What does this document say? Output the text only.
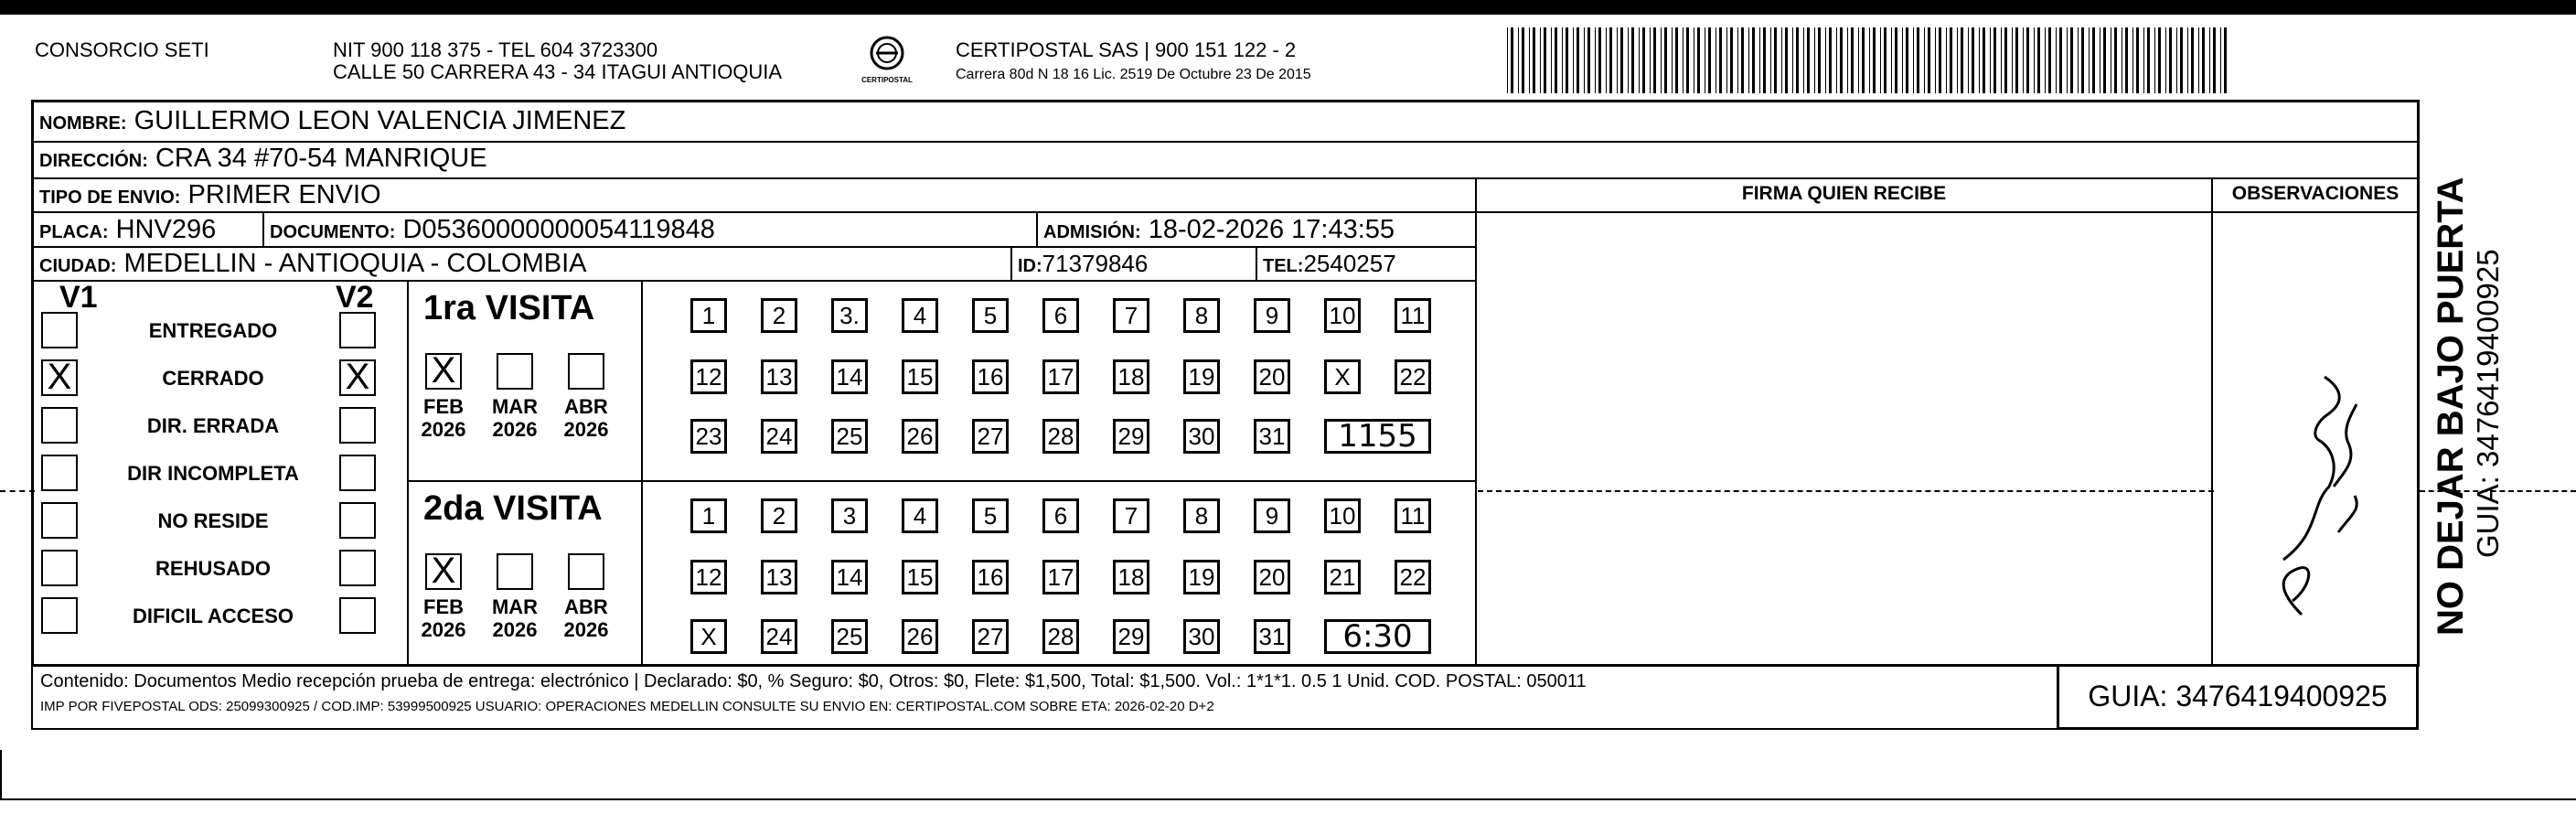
CONSORCIO SETI	NIT 900 118 375 - TEL 604 3723300
CALLE 50 CARRERA 43 - 34 ITAGUI ANTIOQUIA	CERTIPOSTAL
CERTIPOSTAL SAS | 900 151 122 - 2
Carrera 80d N 18 16 Lic. 2519 De Octubre 23 De 2015
NOMBRE: GUILLERMO LEON VALENCIA JIMENEZ
DIRECCIÓN: CRA 34 #70-54 MANRIQUE
TIPO DE ENVIO: PRIMER ENVIO
PLACA: HNV296	DOCUMENTO: D05360000000054119848	ADMISIÓN: 18-02-2026 17:43:55
CIUDAD: MEDELLIN - ANTIOQUIA - COLOMBIA	ID:71379846	TEL:2540257
FIRMA QUIEN RECIBE	OBSERVACIONES
V1	V2
ENTREGADO
X	CERRADO	X
DIR. ERRADA
DIR INCOMPLETA
NO RESIDE
REHUSADO
DIFICIL ACCESO
1ra VISITA
X
FEB
2026
MAR
2026
ABR
2026
1	2	3.	4	5	6	7	8	9	10 11
12 13 14 15 16 17 18 19 20	X	22
23 24 25 26 27 28 29 30 31	1155
2da VISITA
X
FEB
2026
MAR
2026
ABR
2026
1	2	3	4	5	6	7	8	9	10 11
12 13 14 15 16 17 18 19 20 21 22
X	24 25 26 27 28 29 30 31	6:30
Contenido: Documentos Medio recepción prueba de entrega: electrónico | Declarado: $0, % Seguro: $0, Otros: $0, Flete: $1,500, Total: $1,500. Vol.: 1*1*1. 0.5 1 Unid. COD. POSTAL: 050011
IMP POR FIVEPOSTAL ODS: 25099300925 / COD.IMP: 53999500925 USUARIO: OPERACIONES MEDELLIN CONSULTE SU ENVIO EN: CERTIPOSTAL.COM SOBRE ETA: 2026-02-20 D+2	GUIA: 3476419400925
NO DEJAR BAJO PUERTA GUIA: 3476419400925
